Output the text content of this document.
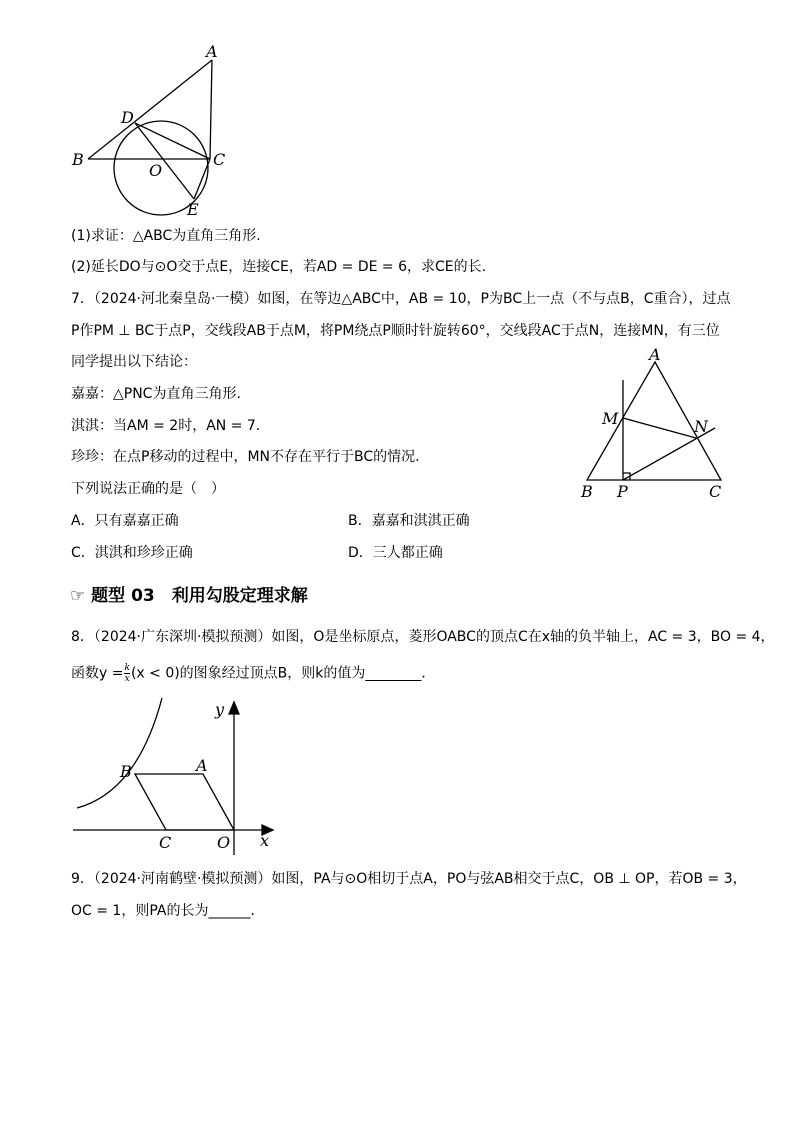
A
B	C
D
E
O
(1)求证：△ABC为直角三角形.
(2)延长DO与⊙O交于点E，连接CE，若AD = DE = 6，求CE的长.
7．（2024·河北秦皇岛·一模）如图，在等边△ABC中，AB = 10，P为BC上一点（不与点B，C重合），过点
P作PM ⊥ BC于点P，交线段AB于点M，将PM绕点P顺时针旋转60°，交线段AC于点N，连接MN，有三位
同学提出以下结论：
嘉嘉：△PNC为直角三角形.
淇淇：当AM = 2时，AN = 7.
珍珍：在点P移动的过程中，MN不存在平行于BC的情况.
下列说法正确的是（　）
A．只有嘉嘉正确	B．嘉嘉和淇淇正确
C．淇淇和珍珍正确	D．三人都正确
A
B	C
M	N
P
☞ 题型 03　利用勾股定理求解
8．（2024·广东深圳·模拟预测）如图，O是坐标原点，菱形OABC的顶点C在x轴的负半轴上，AC = 3，BO = 4，
函数$y = \frac{k}{x} (x < 0)$的图象经过顶点B，则k的值为________．
y
x
A
B
C	O
9．（2024·河南鹤壁·模拟预测）如图，PA与⊙O相切于点A，PO与弦AB相交于点C，OB ⊥ OP，若OB = 3，
OC = 1，则PA的长为______．
